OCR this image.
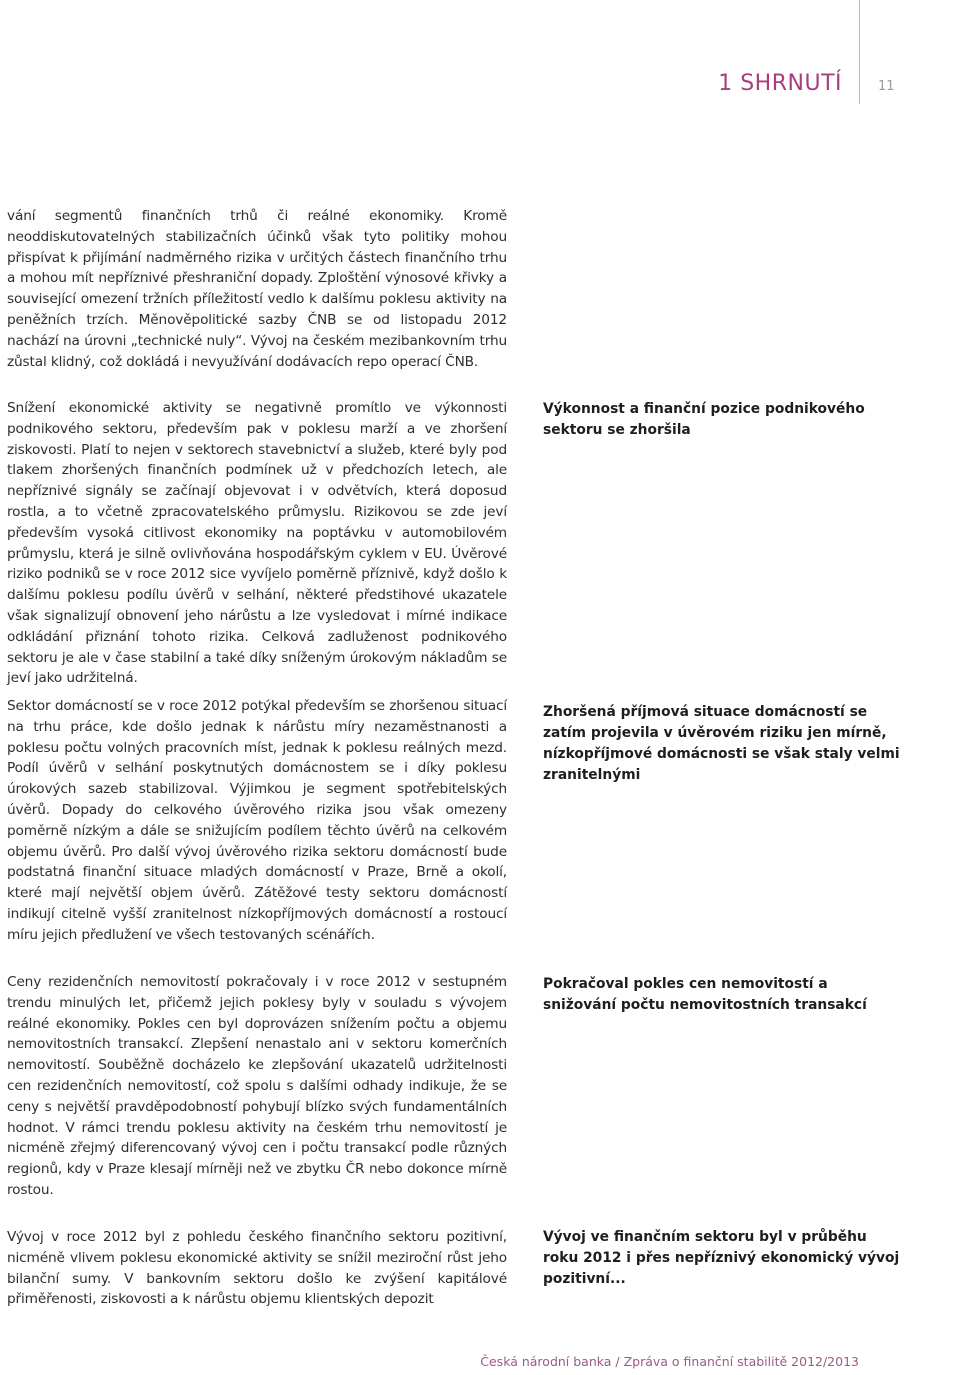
1 SHRNUTÍ	11

vání segmentů finančních trhů či reálné ekonomiky. Kromě neoddiskutovatelných stabilizačních účinků však tyto politiky mohou přispívat k přijímání nadměrného rizika v určitých částech finančního trhu a mohou mít nepříznivé přeshraniční dopady. Zploštění výnosové křivky a související omezení tržních příležitostí vedlo k dalšímu poklesu aktivity na peněžních trzích. Měnověpolitické sazby ČNB se od listopadu 2012 nachází na úrovni „technické nuly“. Vývoj na českém mezibankovním trhu zůstal klidný, což dokládá i nevyužívání dodávacích repo operací ČNB.

Snížení ekonomické aktivity se negativně promítlo ve výkonnosti podnikového sektoru, především pak v poklesu marží a ve zhoršení ziskovosti. Platí to nejen v sektorech stavebnictví a služeb, které byly pod tlakem zhoršených finančních podmínek už v předchozích letech, ale nepříznivé signály se začínají objevovat i v odvětvích, která doposud rostla, a to včetně zpracovatelského průmyslu. Rizikovou se zde jeví především vysoká citlivost ekonomiky na poptávku v automobilovém průmyslu, která je silně ovlivňována hospodářským cyklem v EU. Úvěrové riziko podniků se v roce 2012 sice vyvíjelo poměrně příznivě, když došlo k dalšímu poklesu podílu úvěrů v selhání, některé předstihové ukazatele však signalizují obnovení jeho nárůstu a lze vysledovat i mírné indikace odkládání přiznání tohoto rizika. Celková zadluženost podnikového sektoru je ale v čase stabilní a také díky sníženým úrokovým nákladům se jeví jako udržitelná.

Sektor domácností se v roce 2012 potýkal především se zhoršenou situací na trhu práce, kde došlo jednak k nárůstu míry nezaměstnanosti a poklesu počtu volných pracovních míst, jednak k poklesu reálných mezd. Podíl úvěrů v selhání poskytnutých domácnostem se i díky poklesu úrokových sazeb stabilizoval. Výjimkou je segment spotřebitelských úvěrů. Dopady do celkového úvěrového rizika jsou však omezeny poměrně nízkým a dále se snižujícím podílem těchto úvěrů na celkovém objemu úvěrů. Pro další vývoj úvěrového rizika sektoru domácností bude podstatná finanční situace mladých domácností v Praze, Brně a okolí, které mají největší objem úvěrů. Zátěžové testy sektoru domácností indikují citelně vyšší zranitelnost nízkopříjmových domácností a rostoucí míru jejich předlužení ve všech testovaných scénářích.

Ceny rezidenčních nemovitostí pokračovaly i v roce 2012 v sestupném trendu minulých let, přičemž jejich poklesy byly v souladu s vývojem reálné ekonomiky. Pokles cen byl doprovázen snížením počtu a objemu nemovitostních transakcí. Zlepšení nenastalo ani v sektoru komerčních nemovitostí. Souběžně docházelo ke zlepšování ukazatelů udržitelnosti cen rezidenčních nemovitostí, což spolu s dalšími odhady indikuje, že se ceny s největší pravděpodobností pohybují blízko svých fundamentálních hodnot. V rámci trendu poklesu aktivity na českém trhu nemovitostí je nicméně zřejmý diferencovaný vývoj cen i počtu transakcí podle různých regionů, kdy v Praze klesají mírněji než ve zbytku ČR nebo dokonce mírně rostou.

Vývoj v roce 2012 byl z pohledu českého finančního sektoru pozitivní, nicméně vlivem poklesu ekonomické aktivity se snížil meziroční růst jeho bilanční sumy. V bankovním sektoru došlo ke zvýšení kapitálové přiměřenosti, ziskovosti a k nárůstu objemu klientských depozit

Výkonnost a finanční pozice podnikového sektoru se zhoršila

Zhoršená příjmová situace domácností se zatím projevila v úvěrovém riziku jen mírně, nízkopříjmové domácnosti se však staly velmi zranitelnými

Pokračoval pokles cen nemovitostí a snižování počtu nemovitostních transakcí

Vývoj ve finančním sektoru byl v průběhu roku 2012 i přes nepříznivý ekonomický vývoj pozitivní...

Česká národní banka / Zpráva o finanční stabilitě 2012/2013
